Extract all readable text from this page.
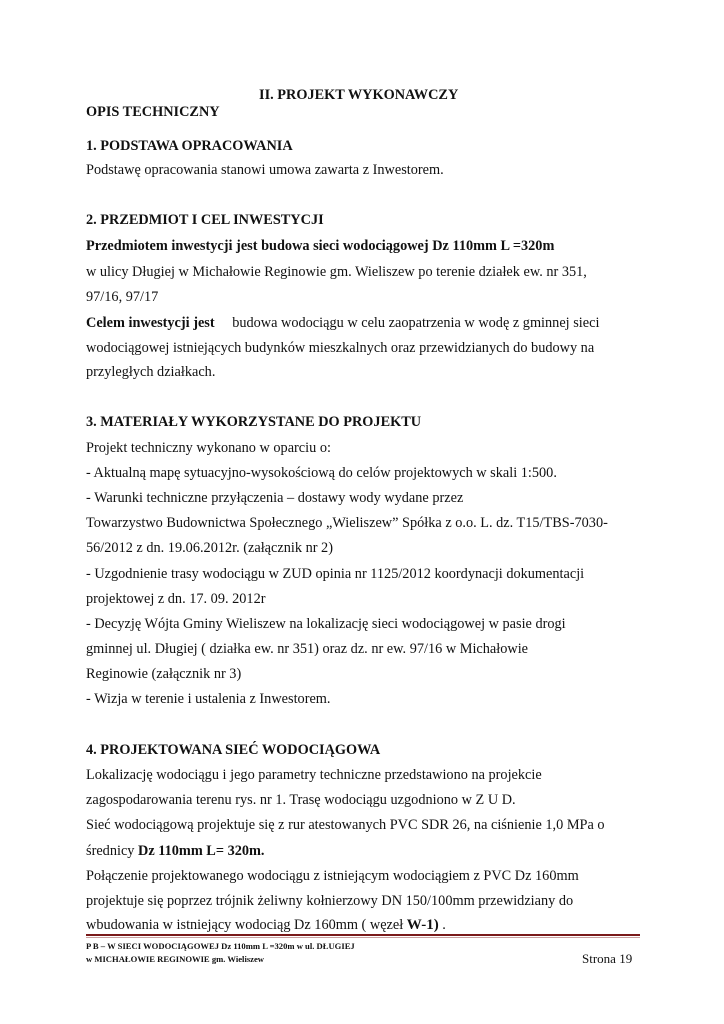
II. PROJEKT WYKONAWCZY
OPIS TECHNICZNY
1. PODSTAWA OPRACOWANIA
Podstawę opracowania stanowi umowa zawarta z Inwestorem.
2. PRZEDMIOT I CEL INWESTYCJI
Przedmiotem inwestycji jest budowa sieci wodociągowej Dz 110mm L =320m
w ulicy Długiej w Michałowie Reginowie gm. Wieliszew po terenie działek ew. nr 351,
97/16, 97/17
Celem inwestycji jest budowa wodociągu w celu zaopatrzenia w wodę z gminnej sieci
wodociągowej istniejących budynków mieszkalnych oraz przewidzianych do budowy na
przyległych działkach.
3. MATERIAŁY WYKORZYSTANE DO PROJEKTU
Projekt techniczny wykonano w oparciu o:
- Aktualną mapę sytuacyjno-wysokościową do celów projektowych w skali 1:500.
- Warunki techniczne przyłączenia – dostawy wody wydane przez
Towarzystwo Budownictwa Społecznego „Wieliszew” Spółka z o.o. L. dz. T15/TBS-7030-
56/2012 z dn. 19.06.2012r. (załącznik nr 2)
- Uzgodnienie trasy wodociągu w ZUD opinia nr 1125/2012 koordynacji dokumentacji
projektowej z dn. 17. 09. 2012r
- Decyzję Wójta Gminy Wieliszew na lokalizację sieci wodociągowej w pasie drogi
gminnej ul. Długiej ( działka ew. nr 351) oraz dz. nr ew. 97/16 w Michałowie
Reginowie (załącznik nr 3)
- Wizja w terenie i ustalenia z Inwestorem.
4. PROJEKTOWANA SIEĆ WODOCIĄGOWA
Lokalizację wodociągu i jego parametry techniczne przedstawiono na projekcie
zagospodarowania terenu rys. nr 1. Trasę wodociągu uzgodniono w Z U D.
Sieć wodociągową projektuje się z rur atestowanych PVC SDR 26, na ciśnienie 1,0 MPa o
średnicy Dz 110mm L= 320m.
Połączenie projektowanego wodociągu z istniejącym wodociągiem z PVC Dz 160mm
projektuje się poprzez trójnik żeliwny kołnierzowy DN 150/100mm przewidziany do
wbudowania w istniejący wodociąg Dz 160mm ( węzeł W-1) .
P B – W SIECI WODOCIĄGOWEJ Dz 110mm L =320m w ul. DŁUGIEJ
w MICHAŁOWIE REGINOWIE gm. Wieliszew	Strona 19
